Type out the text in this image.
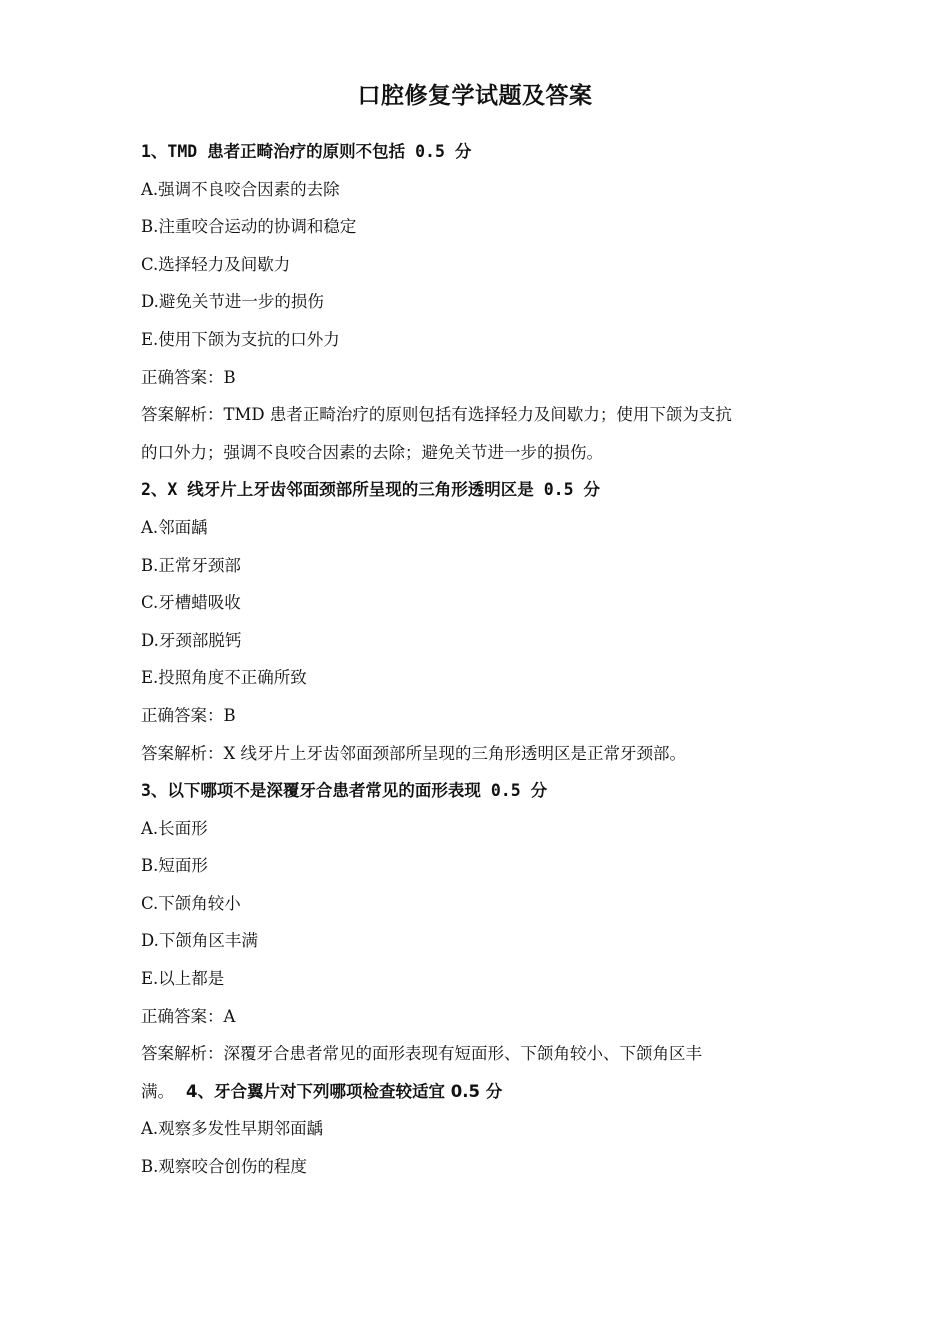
口腔修复学试题及答案
1、TMD 患者正畸治疗的原则不包括 0.5 分
A.强调不良咬合因素的去除
B.注重咬合运动的协调和稳定
C.选择轻力及间歇力
D.避免关节进一步的损伤
E.使用下颌为支抗的口外力
正确答案：B
答案解析：TMD 患者正畸治疗的原则包括有选择轻力及间歇力；使用下颌为支抗
的口外力；强调不良咬合因素的去除；避免关节进一步的损伤。
2、X 线牙片上牙齿邻面颈部所呈现的三角形透明区是 0.5 分
A.邻面龋
B.正常牙颈部
C.牙槽蜡吸收
D.牙颈部脱钙
E.投照角度不正确所致
正确答案：B
答案解析：X 线牙片上牙齿邻面颈部所呈现的三角形透明区是正常牙颈部。
3、以下哪项不是深覆牙合患者常见的面形表现 0.5 分
A.长面形
B.短面形
C.下颌角较小
D.下颌角区丰满
E.以上都是
正确答案：A
答案解析：深覆牙合患者常见的面形表现有短面形、下颌角较小、下颌角区丰
满。 4、牙合翼片对下列哪项检查较适宜 0.5 分
A.观察多发性早期邻面龋
B.观察咬合创伤的程度
